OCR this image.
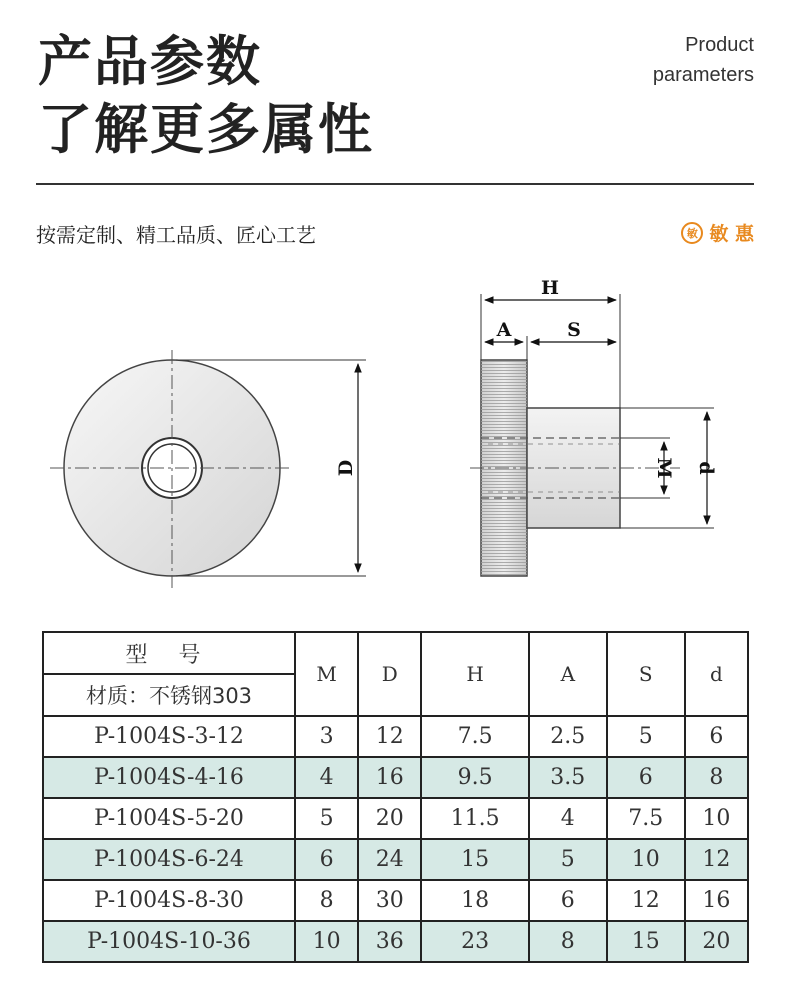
产品参数
了解更多属性
Product
parameters
按需定制、精工品质、匠心工艺	敏 敏 惠
D
H
A	S
M d
型 号	M	D	H	A	S	d
材质：不锈钢303						
P-1004S-3-12	3	12	7.5	2.5	5	6
P-1004S-4-16	4	16	9.5	3.5	6	8
P-1004S-5-20	5	20	11.5	4	7.5	10
P-1004S-6-24	6	24	15	5	10	12
P-1004S-8-30	8	30	18	6	12	16
P-1004S-10-36	10	36	23	8	15	20
